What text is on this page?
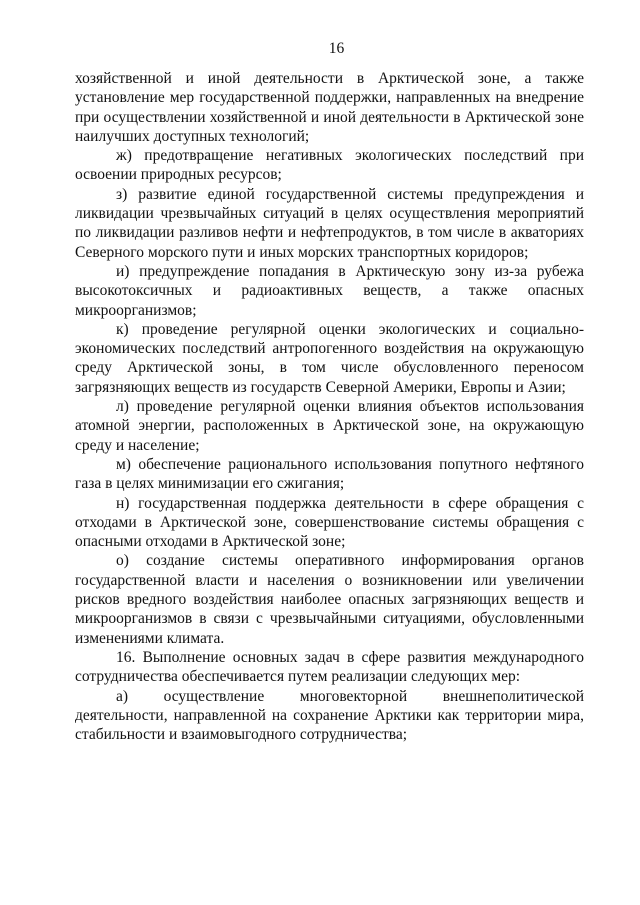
16

хозяйственной и иной деятельности в Арктической зоне, а также установление мер государственной поддержки, направленных на внедрение при осуществлении хозяйственной и иной деятельности в Арктической зоне наилучших доступных технологий;

ж) предотвращение негативных экологических последствий при освоении природных ресурсов;

з) развитие единой государственной системы предупреждения и ликвидации чрезвычайных ситуаций в целях осуществления мероприятий по ликвидации разливов нефти и нефтепродуктов, в том числе в акваториях Северного морского пути и иных морских транспортных коридоров;

и) предупреждение попадания в Арктическую зону из-за рубежа высокотоксичных и радиоактивных веществ, а также опасных микроорганизмов;

к) проведение регулярной оценки экологических и социально-экономических последствий антропогенного воздействия на окружающую среду Арктической зоны, в том числе обусловленного переносом загрязняющих веществ из государств Северной Америки, Европы и Азии;

л) проведение регулярной оценки влияния объектов использования атомной энергии, расположенных в Арктической зоне, на окружающую среду и население;

м) обеспечение рационального использования попутного нефтяного газа в целях минимизации его сжигания;

н) государственная поддержка деятельности в сфере обращения с отходами в Арктической зоне, совершенствование системы обращения с опасными отходами в Арктической зоне;

о) создание системы оперативного информирования органов государственной власти и населения о возникновении или увеличении рисков вредного воздействия наиболее опасных загрязняющих веществ и микроорганизмов в связи с чрезвычайными ситуациями, обусловленными изменениями климата.

16. Выполнение основных задач в сфере развития международного сотрудничества обеспечивается путем реализации следующих мер:

а) осуществление многовекторной внешнеполитической деятельности, направленной на сохранение Арктики как территории мира, стабильности и взаимовыгодного сотрудничества;
